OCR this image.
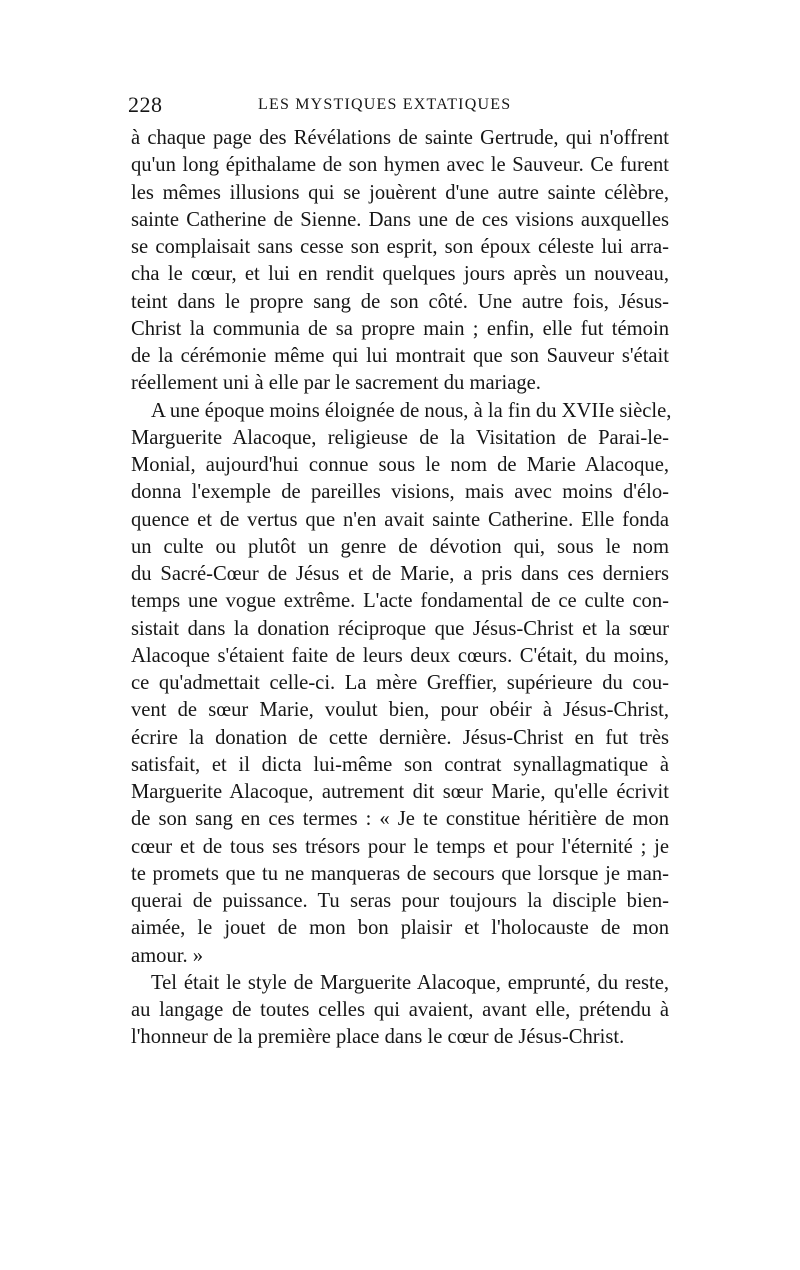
228	LES MYSTIQUES EXTATIQUES
à chaque page des Révélations de sainte Gertrude, qui n'offrent
qu'un long épithalame de son hymen avec le Sauveur. Ce furent
les mêmes illusions qui se jouèrent d'une autre sainte célèbre,
sainte Catherine de Sienne. Dans une de ces visions auxquelles
se complaisait sans cesse son esprit, son époux céleste lui arra-
cha le cœur, et lui en rendit quelques jours après un nouveau,
teint dans le propre sang de son côté. Une autre fois, Jésus-
Christ la communia de sa propre main ; enfin, elle fut témoin
de la cérémonie même qui lui montrait que son Sauveur s'était
réellement uni à elle par le sacrement du mariage.
A une époque moins éloignée de nous, à la fin du XVIIe siècle,
Marguerite Alacoque, religieuse de la Visitation de Parai-le-
Monial, aujourd'hui connue sous le nom de Marie Alacoque,
donna l'exemple de pareilles visions, mais avec moins d'élo-
quence et de vertus que n'en avait sainte Catherine. Elle fonda
un culte ou plutôt un genre de dévotion qui, sous le nom
du Sacré-Cœur de Jésus et de Marie, a pris dans ces derniers
temps une vogue extrême. L'acte fondamental de ce culte con-
sistait dans la donation réciproque que Jésus-Christ et la sœur
Alacoque s'étaient faite de leurs deux cœurs. C'était, du moins,
ce qu'admettait celle-ci. La mère Greffier, supérieure du cou-
vent de sœur Marie, voulut bien, pour obéir à Jésus-Christ,
écrire la donation de cette dernière. Jésus-Christ en fut très
satisfait, et il dicta lui-même son contrat synallagmatique à
Marguerite Alacoque, autrement dit sœur Marie, qu'elle écrivit
de son sang en ces termes : « Je te constitue héritière de mon
cœur et de tous ses trésors pour le temps et pour l'éternité ; je
te promets que tu ne manqueras de secours que lorsque je man-
querai de puissance. Tu seras pour toujours la disciple bien-
aimée, le jouet de mon bon plaisir et l'holocauste de mon
amour. »
Tel était le style de Marguerite Alacoque, emprunté, du reste,
au langage de toutes celles qui avaient, avant elle, prétendu à
l'honneur de la première place dans le cœur de Jésus-Christ.
